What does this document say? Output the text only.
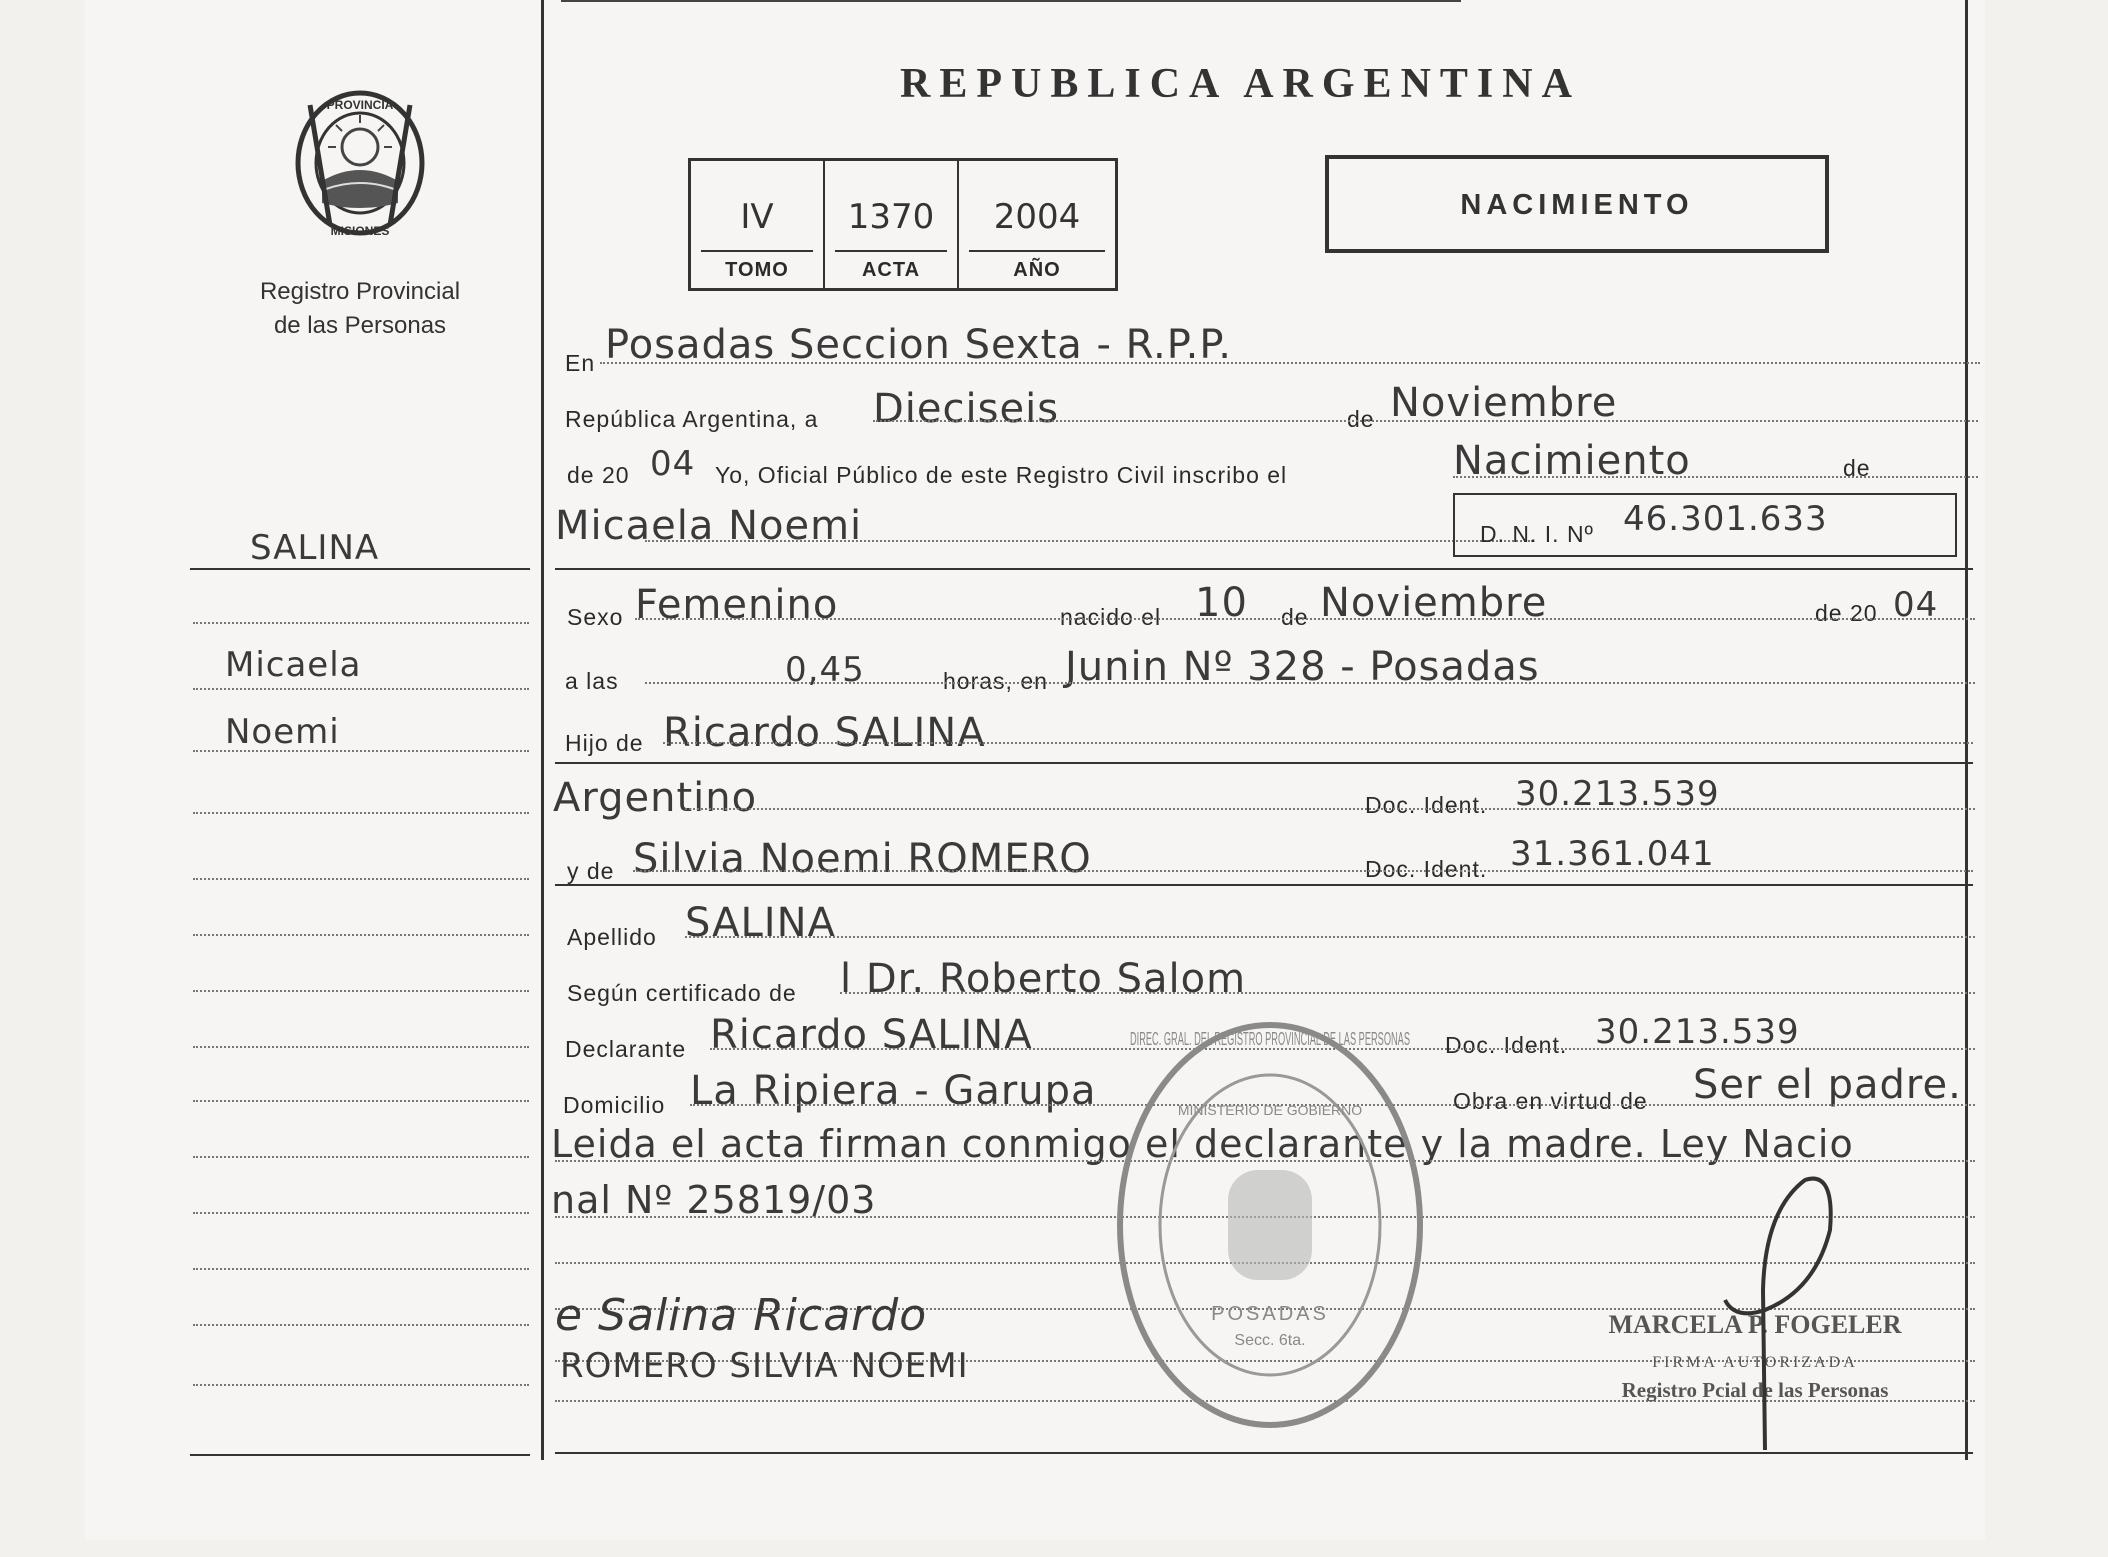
PROVINCIA
MISIONES
Registro Provincial
de las Personas
REPUBLICA ARGENTINA
IV
TOMO
1370
ACTA
2004
AÑO
NACIMIENTO
SALINA
Micaela
Noemi
En Posadas Seccion Sexta - R.P.P.
República Argentina, a Dieciseis	de Noviembre
de 20 04 Yo, Oficial Público de este Registro Civil inscribo el	Nacimiento	de
Micaela Noemi	D. N. I. Nº 46.301.633
Sexo Femenino	nacido el 10 de Noviembre	de 20 04
a las	0,45	horas, en Junin Nº 328 - Posadas
Hijo de Ricardo SALINA
Argentino	Doc. Ident. 30.213.539
y de Silvia Noemi ROMERO	Doc. Ident. 31.361.041
Apellido SALINA
Según certificado de l Dr. Roberto Salom
Declarante Ricardo SALINA	Doc. Ident. 30.213.539
Domicilio La Ripiera - Garupa	Obra en virtud de Ser el padre.
Leida el acta firman conmigo el declarante y la madre. Ley Nacio
nal Nº 25819/03
e Salina Ricardo
ROMERO SILVIA NOEMI
DIREC. GRAL. DEL REGISTRO PROVINCIAL DE LAS PERSONAS
MINISTERIO DE GOBIERNO
POSADAS
Secc. 6ta.
MARCELA P. FOGELER
FIRMA AUTORIZADA
Registro Pcial de las Personas
